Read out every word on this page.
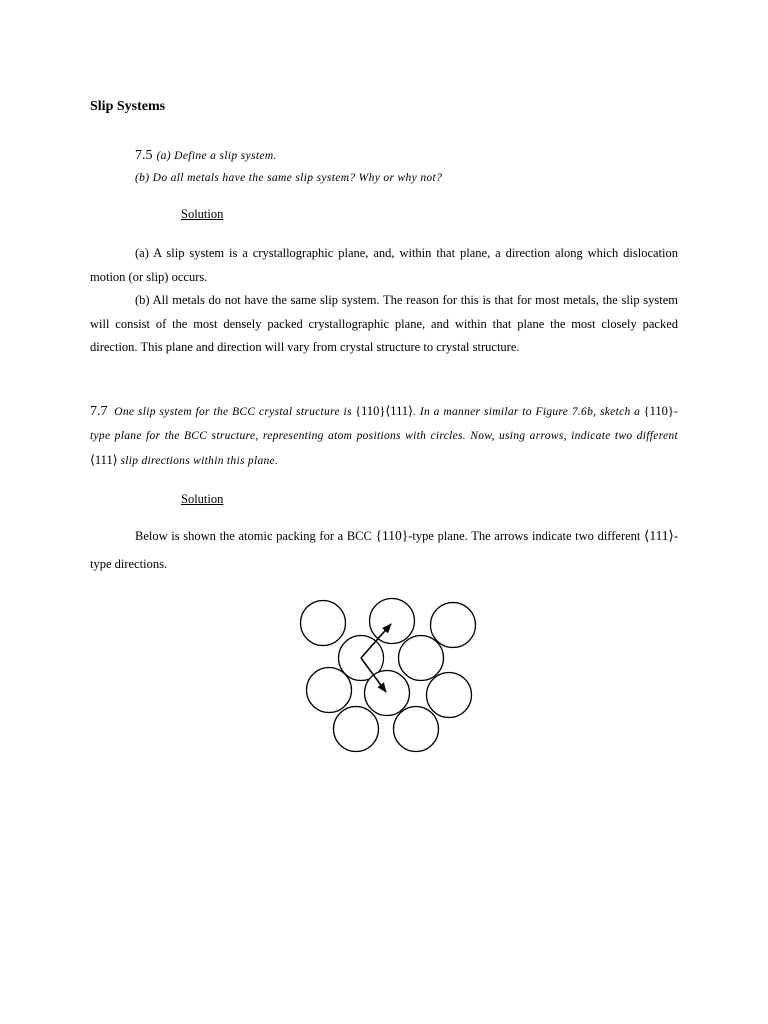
Slip Systems
7.5 (a) Define a slip system.
(b) Do all metals have the same slip system? Why or why not?
Solution
(a) A slip system is a crystallographic plane, and, within that plane, a direction along which dislocation motion (or slip) occurs.
(b) All metals do not have the same slip system. The reason for this is that for most metals, the slip system will consist of the most densely packed crystallographic plane, and within that plane the most closely packed direction. This plane and direction will vary from crystal structure to crystal structure.
7.7 One slip system for the BCC crystal structure is {110}⟨111⟩. In a manner similar to Figure 7.6b, sketch a {110}-type plane for the BCC structure, representing atom positions with circles. Now, using arrows, indicate two different ⟨111⟩ slip directions within this plane.
Solution
Below is shown the atomic packing for a BCC {110}-type plane. The arrows indicate two different ⟨111⟩-type directions.
